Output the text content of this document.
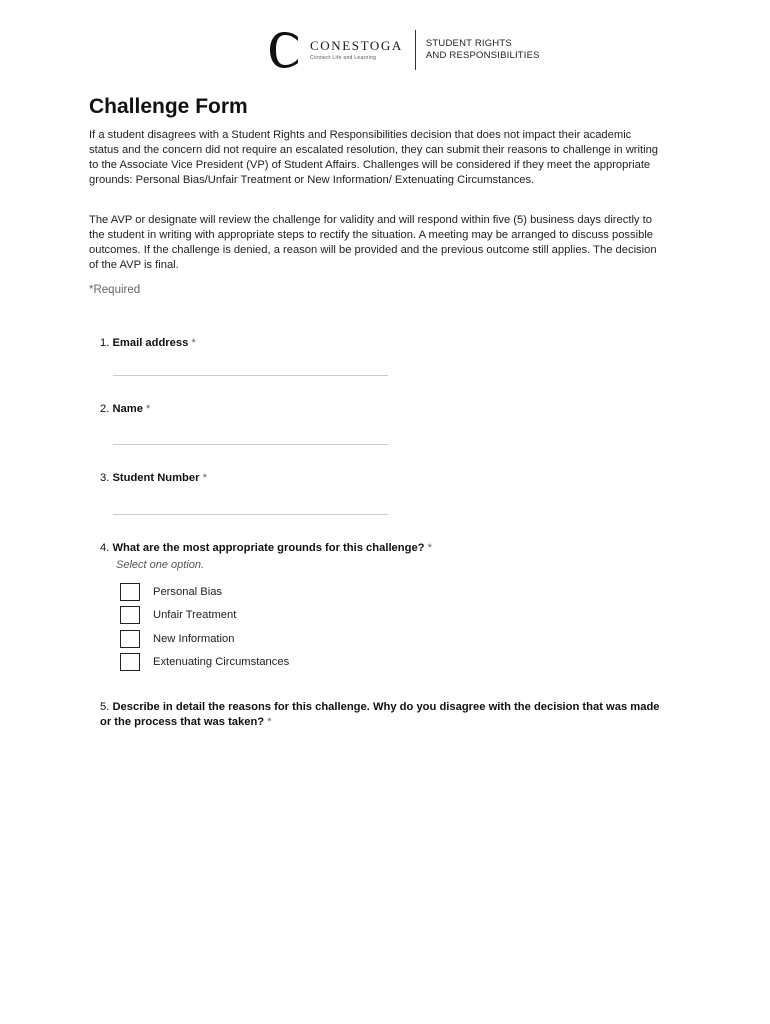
CONESTOGA
Connect Life and Learning
STUDENT RIGHTS
AND RESPONSIBILITIES
Challenge Form

If a student disagrees with a Student Rights and Responsibilities decision that does not impact their academic status and the concern did not require an escalated resolution, they can submit their reasons to challenge in writing to the Associate Vice President (VP) of Student Affairs. Challenges will be considered if they meet the appropriate grounds: Personal Bias/Unfair Treatment or New Information/ Extenuating Circumstances.

The AVP or designate will review the challenge for validity and will respond within five (5) business days directly to the student in writing with appropriate steps to rectify the situation. A meeting may be arranged to discuss possible outcomes. If the challenge is denied, a reason will be provided and the previous outcome still applies. The decision of the AVP is final.

*Required
1. Email address *
2. Name *
3. Student Number *
4. What are the most appropriate grounds for this challenge? *
Select one option.
Personal Bias
Unfair Treatment
New Information
Extenuating Circumstances
5. Describe in detail the reasons for this challenge. Why do you disagree with the decision that was made or the process that was taken? *
